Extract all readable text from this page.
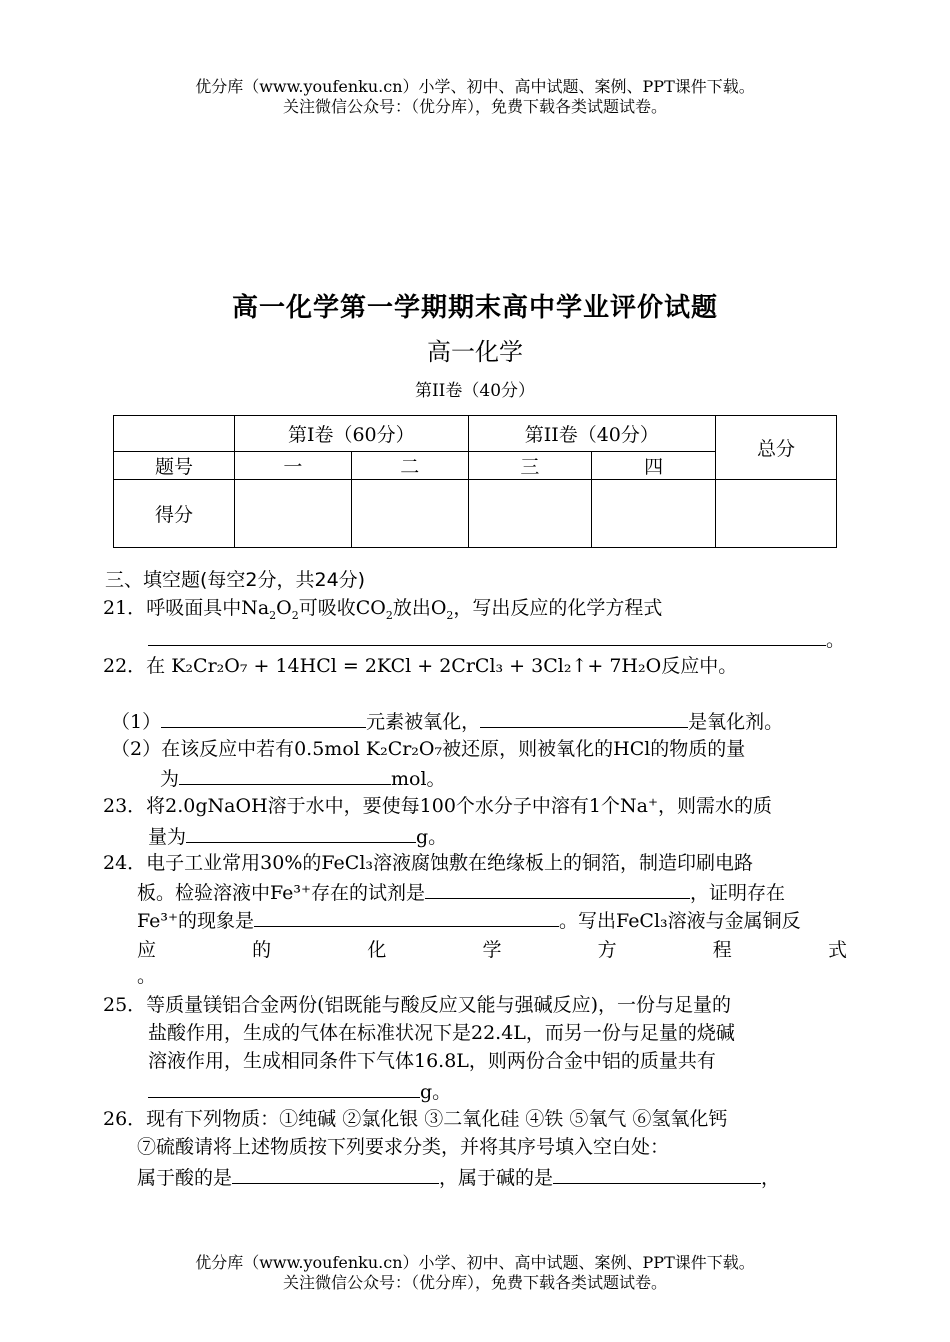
优分库（www.youfenku.cn）小学、初中、高中试题、案例、PPT课件下载。
关注微信公众号：（优分库），免费下载各类试题试卷。
高一化学第一学期期末高中学业评价试题
高一化学
第II卷（40分）
	第I卷（60分）		第II卷（40分）		总分
题号	一	二	三	四	
得分					
三、填空题(每空2分，共24分)
21．呼吸面具中$Na_2O_2$可吸收$CO_2$放出$O_2$，写出反应的化学方程式
。
22．在 K₂Cr₂O₇ + 14HCl = 2KCl + 2CrCl₃ + 3Cl₂↑+ 7H₂O反应中。
（1）	元素被氧化，	是氧化剂。
（2）在该反应中若有0.5mol K₂Cr₂O₇被还原，则被氧化的HCl的物质的量
为	mol。
23．将2.0gNaOH溶于水中，要使每100个水分子中溶有1个Na⁺，则需水的质
量为	g。
24．电子工业常用30%的FeCl₃溶液腐蚀敷在绝缘板上的铜箔，制造印刷电路
板。检验溶液中Fe³⁺存在的试剂是	，证明存在
Fe³⁺的现象是	。写出FeCl₃溶液与金属铜反
应	的	化	学	方	程	式
。
25．等质量镁铝合金两份(铝既能与酸反应又能与强碱反应)，一份与足量的
盐酸作用，生成的气体在标准状况下是22.4L，而另一份与足量的烧碱
溶液作用，生成相同条件下气体16.8L，则两份合金中铝的质量共有
g。
26．现有下列物质：①纯碱 ②氯化银 ③二氧化硅 ④铁 ⑤氧气 ⑥氢氧化钙
⑦硫酸请将上述物质按下列要求分类，并将其序号填入空白处：
属于酸的是	，属于碱的是	，
优分库（www.youfenku.cn）小学、初中、高中试题、案例、PPT课件下载。
关注微信公众号：（优分库），免费下载各类试题试卷。
